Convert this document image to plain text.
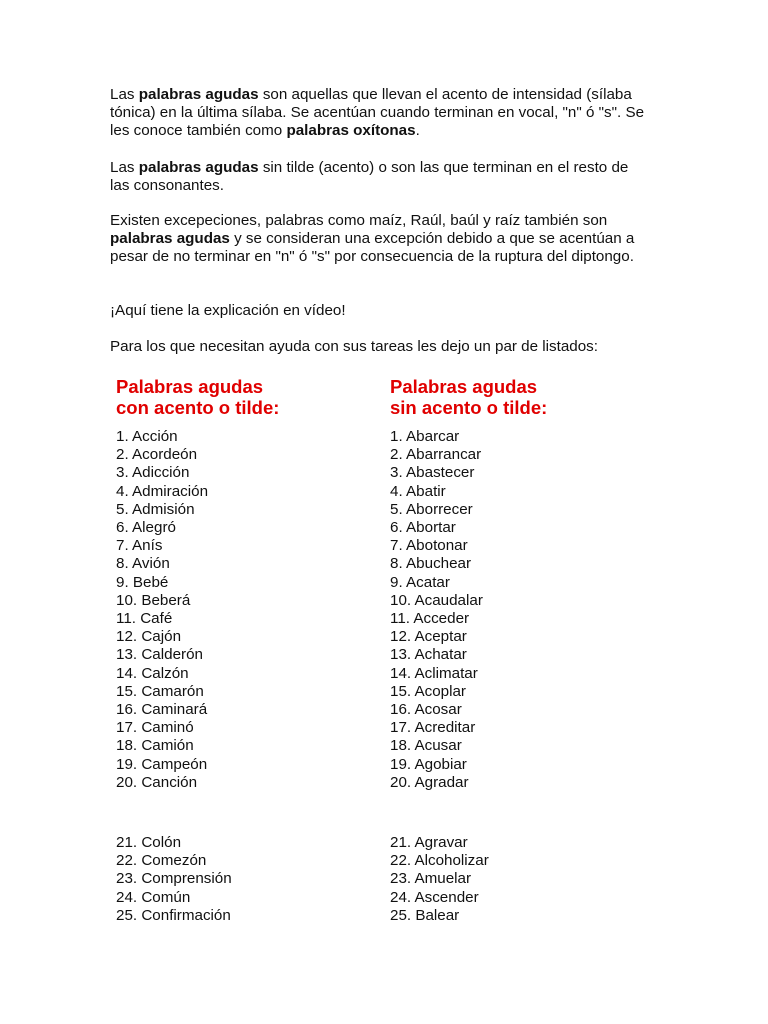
Las palabras agudas son aquellas que llevan el acento de intensidad (sílaba tónica) en la última sílaba. Se acentúan cuando terminan en vocal, "n" ó "s". Se les conoce también como palabras oxítonas.

Las palabras agudas sin tilde (acento) o son las que terminan en el resto de las consonantes.

Existen excepeciones, palabras como maíz, Raúl, baúl y raíz también son palabras agudas y se consideran una excepción debido a que se acentúan a pesar de no terminar en "n" ó "s" por consecuencia de la ruptura del diptongo.

¡Aquí tiene la explicación en vídeo!

Para los que necesitan ayuda con sus tareas les dejo un par de listados:

Palabras agudas
con acento o tilde:
1. Acción
2. Acordeón
3. Adicción
4. Admiración
5. Admisión
6. Alegró
7. Anís
8. Avión
9. Bebé
10. Beberá
11. Café
12. Cajón
13. Calderón
14. Calzón
15. Camarón
16. Caminará
17. Caminó
18. Camión
19. Campeón
20. Canción
21. Colón
22. Comezón
23. Comprensión
24. Común
25. Confirmación
Palabras agudas
sin acento o tilde:
1. Abarcar
2. Abarrancar
3. Abastecer
4. Abatir
5. Aborrecer
6. Abortar
7. Abotonar
8. Abuchear
9. Acatar
10. Acaudalar
11. Acceder
12. Aceptar
13. Achatar
14. Aclimatar
15. Acoplar
16. Acosar
17. Acreditar
18. Acusar
19. Agobiar
20. Agradar
21. Agravar
22. Alcoholizar
23. Amuelar
24. Ascender
25. Balear
